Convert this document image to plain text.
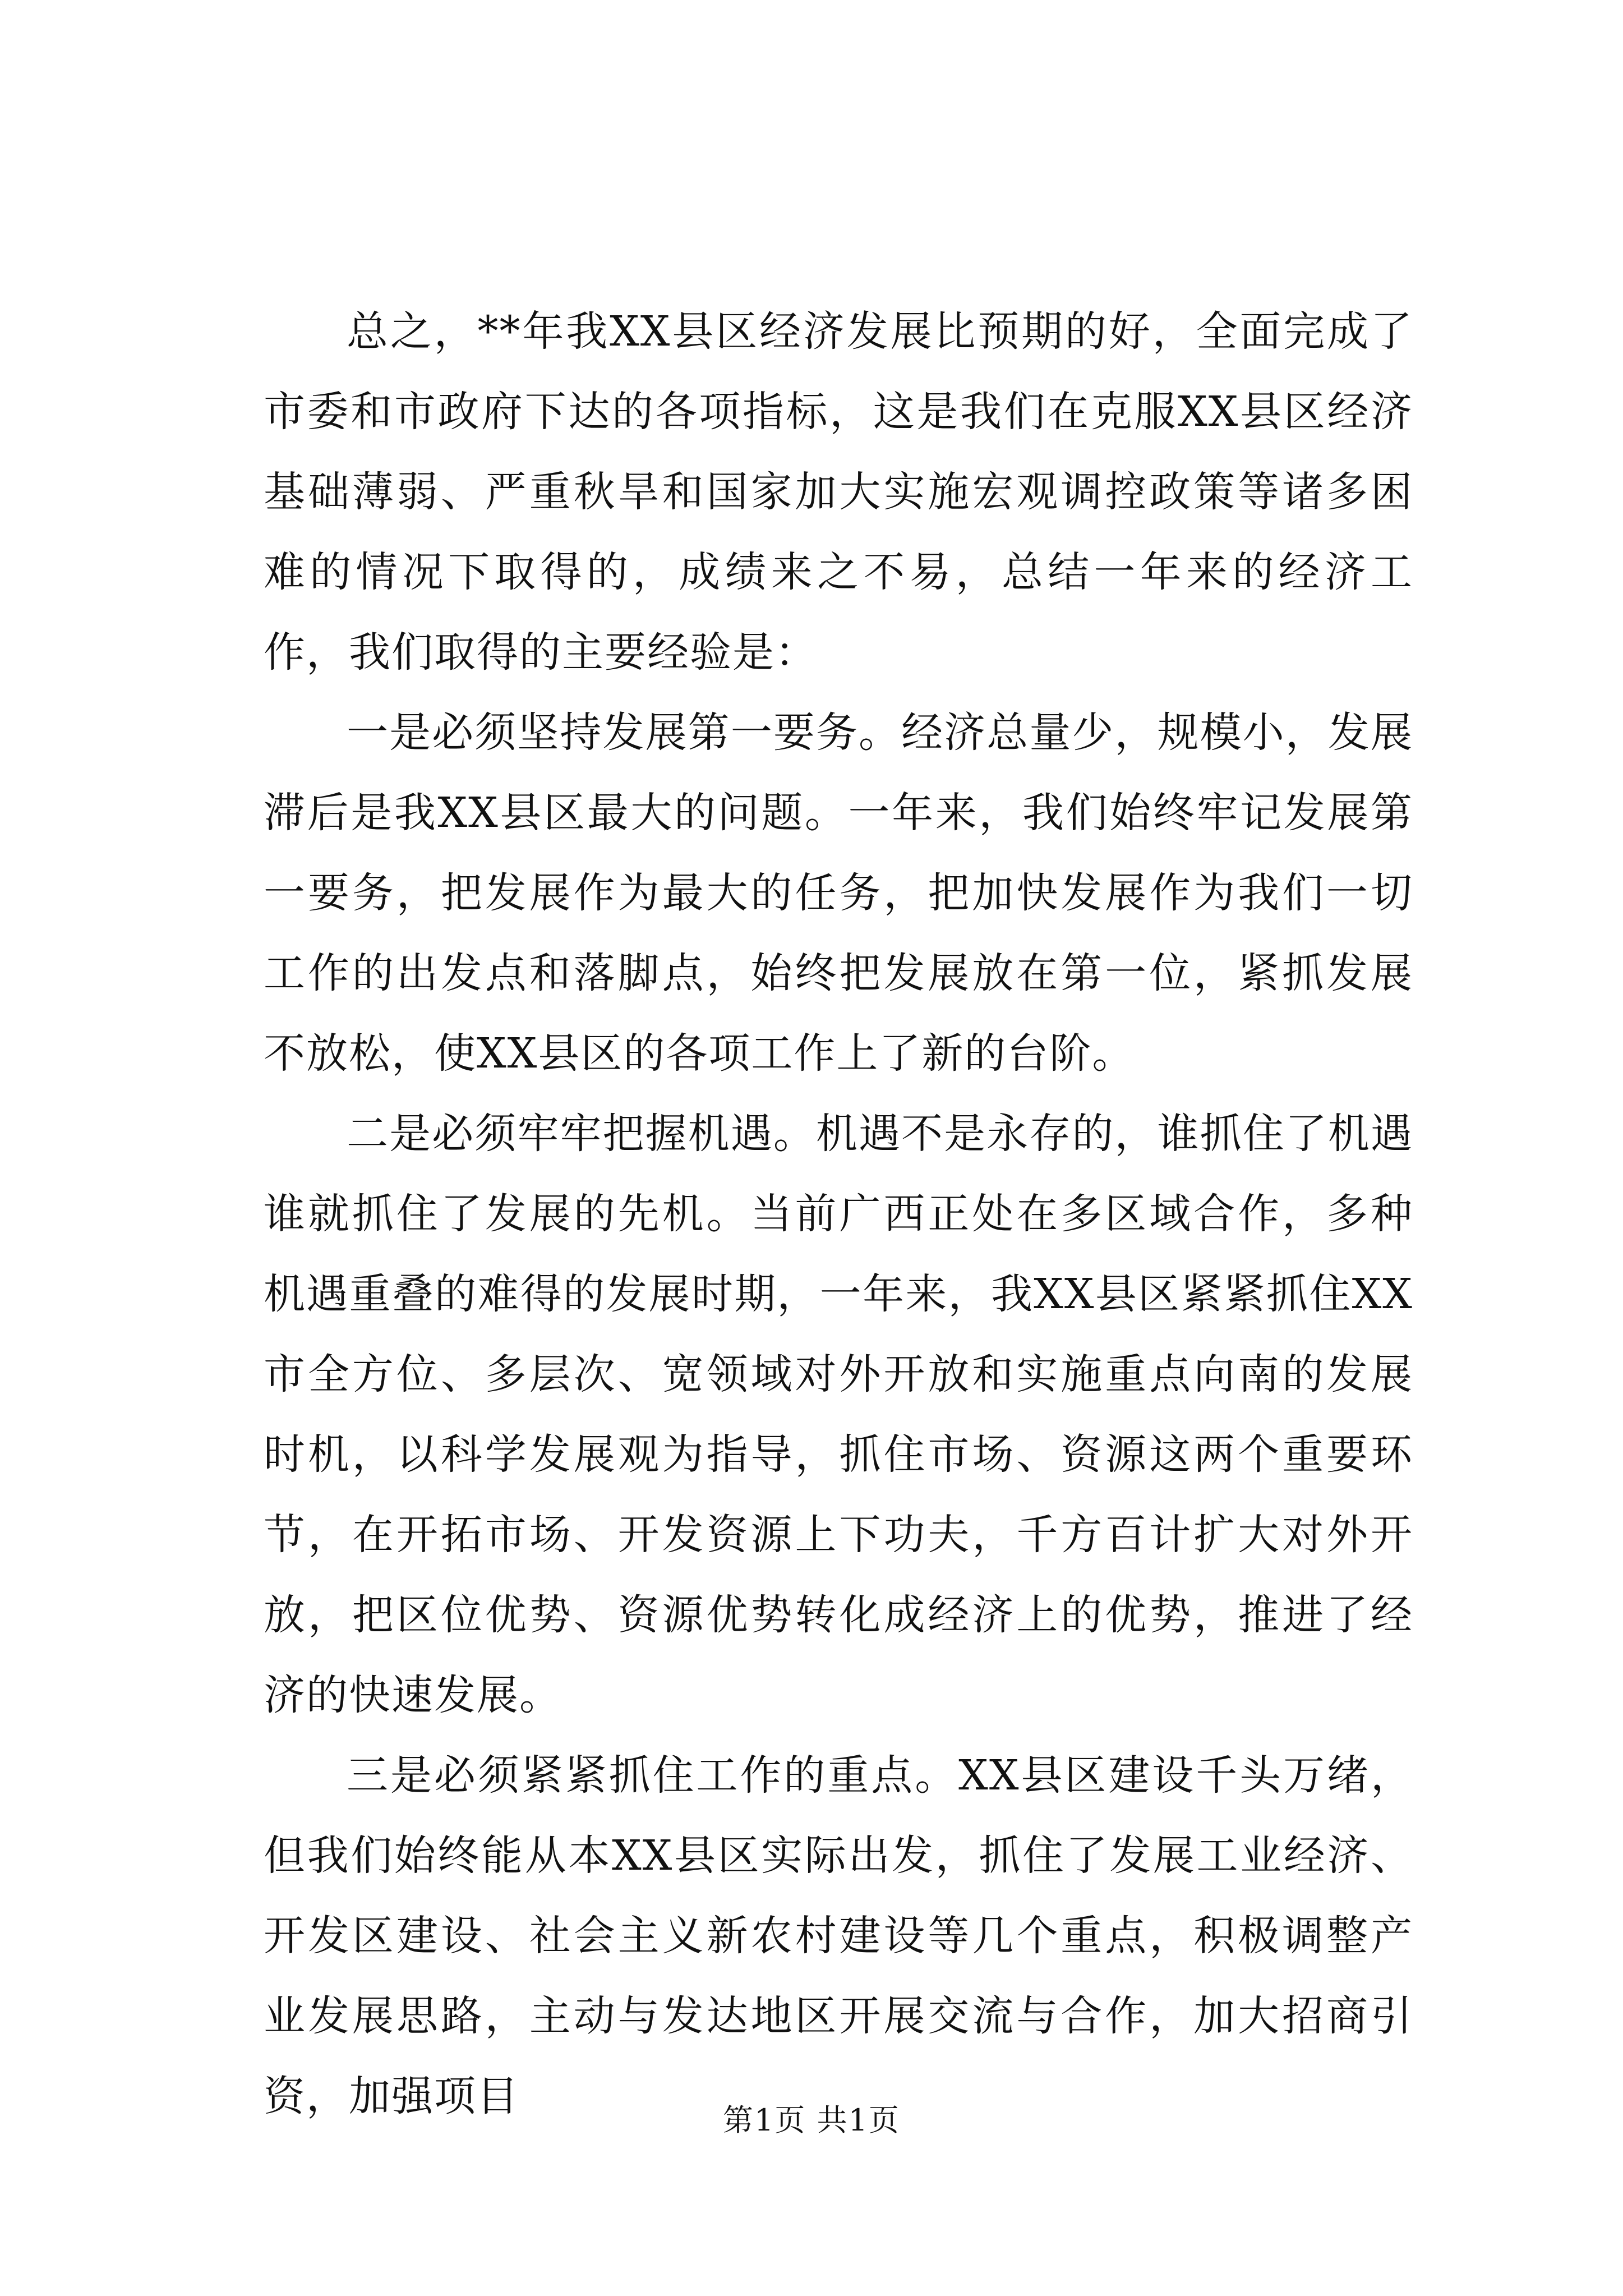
总之，**年我XX县区经济发展比预期的好，全面完成了市委和市政府下达的各项指标，这是我们在克服XX县区经济基础薄弱、严重秋旱和国家加大实施宏观调控政策等诸多困难的情况下取得的，成绩来之不易，总结一年来的经济工作，我们取得的主要经验是：

一是必须坚持发展第一要务。经济总量少，规模小，发展滞后是我XX县区最大的问题。一年来，我们始终牢记发展第一要务，把发展作为最大的任务，把加快发展作为我们一切工作的出发点和落脚点，始终把发展放在第一位，紧抓发展不放松，使XX县区的各项工作上了新的台阶。

二是必须牢牢把握机遇。机遇不是永存的，谁抓住了机遇谁就抓住了发展的先机。当前广西正处在多区域合作，多种机遇重叠的难得的发展时期，一年来，我XX县区紧紧抓住XX市全方位、多层次、宽领域对外开放和实施重点向南的发展时机，以科学发展观为指导，抓住市场、资源这两个重要环节，在开拓市场、开发资源上下功夫，千方百计扩大对外开放，把区位优势、资源优势转化成经济上的优势，推进了经济的快速发展。

三是必须紧紧抓住工作的重点。XX县区建设千头万绪，但我们始终能从本XX县区实际出发，抓住了发展工业经济、开发区建设、社会主义新农村建设等几个重点，积极调整产业发展思路，主动与发达地区开展交流与合作，加大招商引资，加强项目	第1页 共1页
